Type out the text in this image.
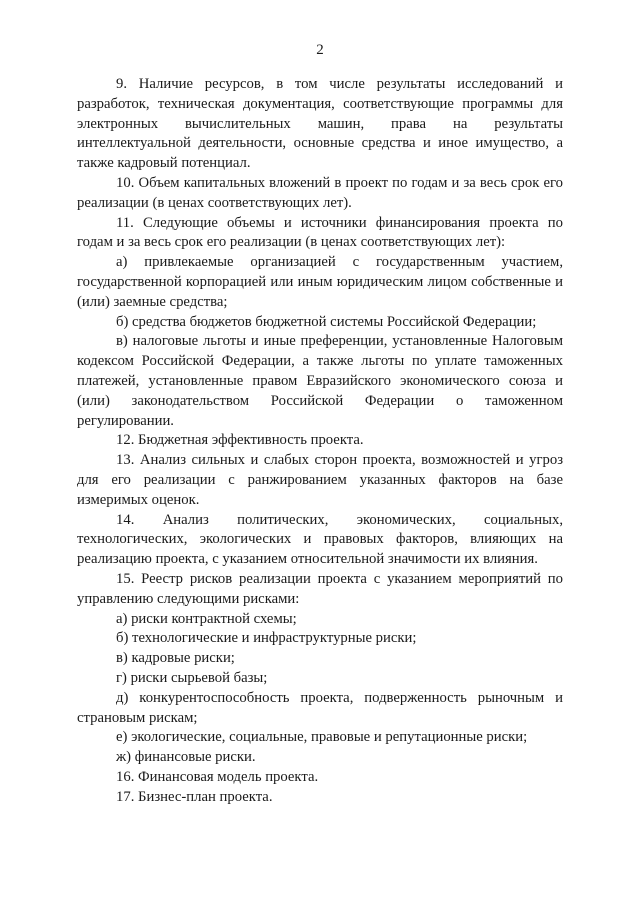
2

9. Наличие ресурсов, в том числе результаты исследований и разработок, техническая документация, соответствующие программы для электронных вычислительных машин, права на результаты интеллектуальной деятельности, основные средства и иное имущество, а также кадровый потенциал.

10. Объем капитальных вложений в проект по годам и за весь срок его реализации (в ценах соответствующих лет).

11. Следующие объемы и источники финансирования проекта по годам и за весь срок его реализации (в ценах соответствующих лет):

а) привлекаемые организацией с государственным участием, государственной корпорацией или иным юридическим лицом собственные и (или) заемные средства;

б) средства бюджетов бюджетной системы Российской Федерации;

в) налоговые льготы и иные преференции, установленные Налоговым кодексом Российской Федерации, а также льготы по уплате таможенных платежей, установленные правом Евразийского экономического союза и (или) законодательством Российской Федерации о таможенном регулировании.

12. Бюджетная эффективность проекта.

13. Анализ сильных и слабых сторон проекта, возможностей и угроз для его реализации с ранжированием указанных факторов на базе измеримых оценок.

14. Анализ политических, экономических, социальных, технологических, экологических и правовых факторов, влияющих на реализацию проекта, с указанием относительной значимости их влияния.

15. Реестр рисков реализации проекта с указанием мероприятий по управлению следующими рисками:

а) риски контрактной схемы;

б) технологические и инфраструктурные риски;

в) кадровые риски;

г) риски сырьевой базы;

д) конкурентоспособность проекта, подверженность рыночным и страновым рискам;

е) экологические, социальные, правовые и репутационные риски;

ж) финансовые риски.

16. Финансовая модель проекта.

17. Бизнес-план проекта.
